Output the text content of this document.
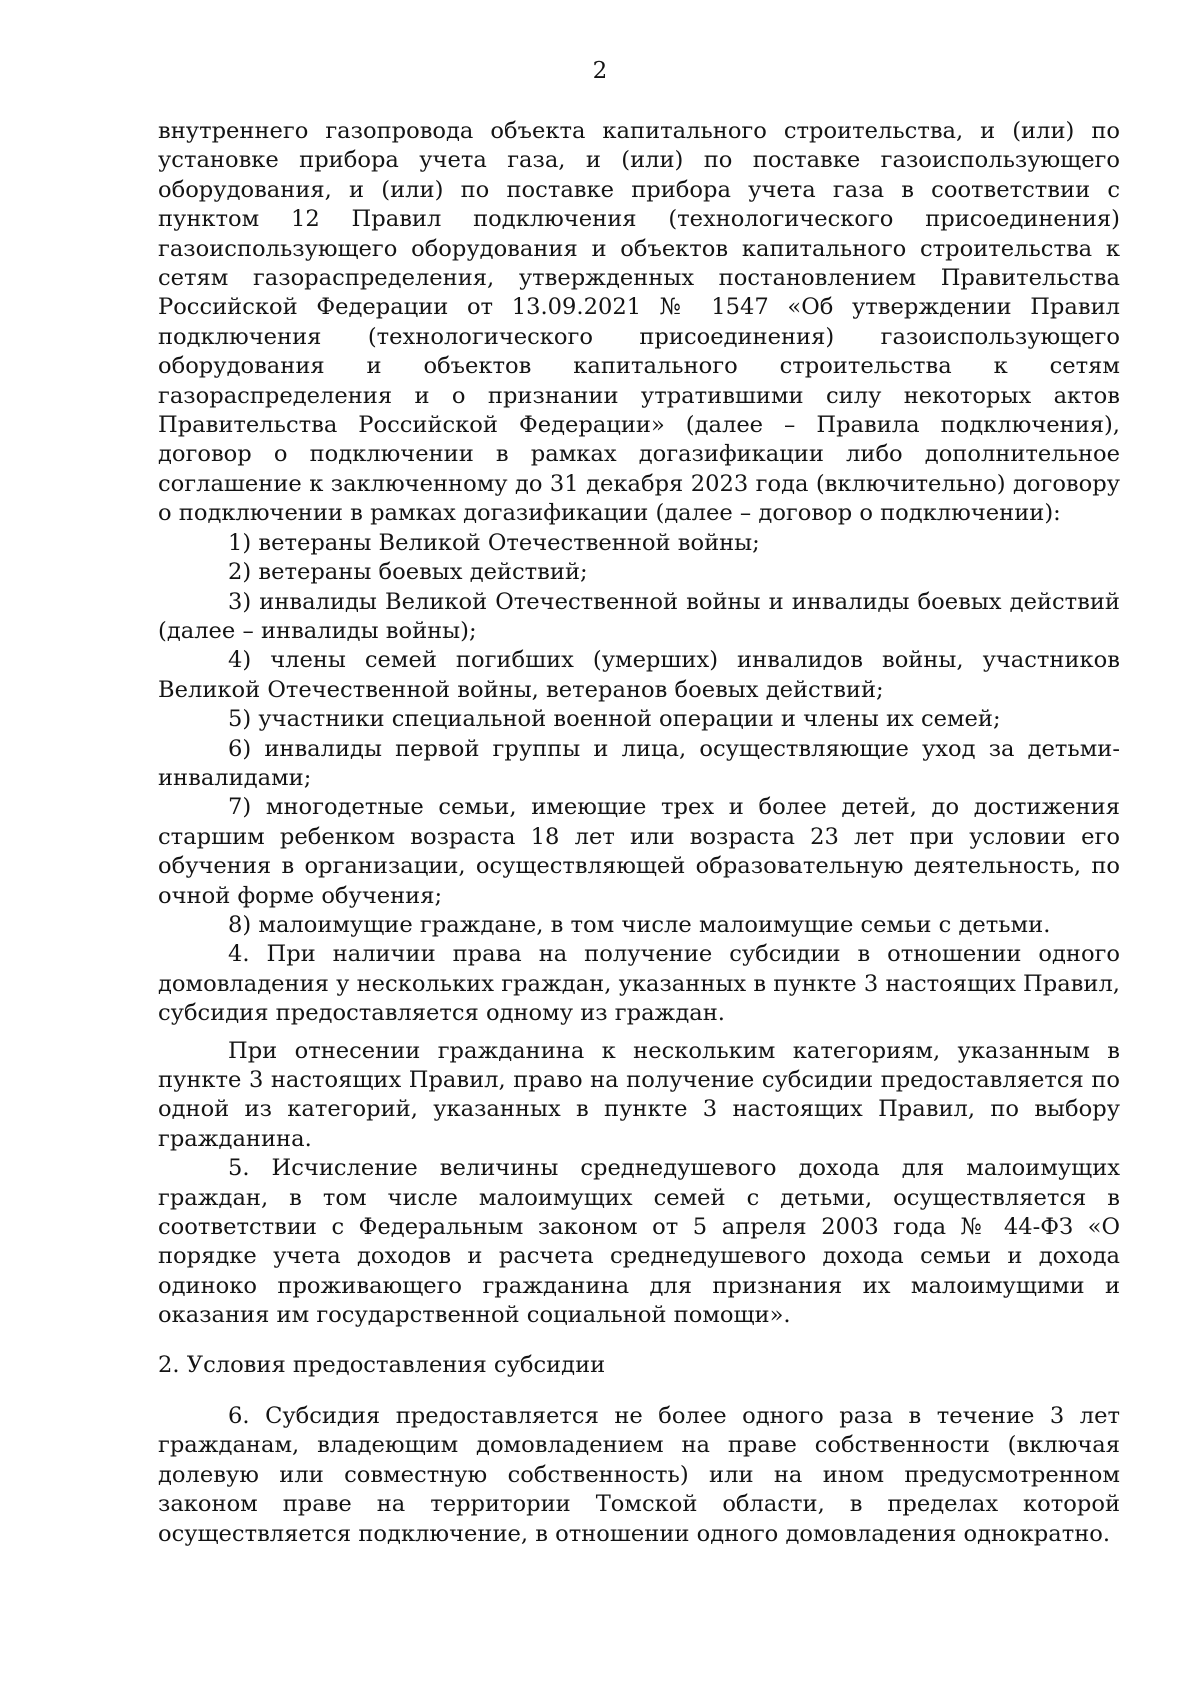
2

внутреннего газопровода объекта капитального строительства, и (или) по установке прибора учета газа, и (или) по поставке газоиспользующего оборудования, и (или) по поставке прибора учета газа в соответствии с пунктом 12 Правил подключения (технологического присоединения) газоиспользующего оборудования и объектов капитального строительства к сетям газораспределения, утвержденных постановлением Правительства Российской Федерации от 13.09.2021 № 1547 «Об утверждении Правил подключения (технологического присоединения) газоиспользующего оборудования и объектов капитального строительства к сетям газораспределения и о признании утратившими силу некоторых актов Правительства Российской Федерации» (далее – Правила подключения), договор о подключении в рамках догазификации либо дополнительное соглашение к заключенному до 31 декабря 2023 года (включительно) договору о подключении в рамках догазификации (далее – договор о подключении):

1) ветераны Великой Отечественной войны;

2) ветераны боевых действий;

3) инвалиды Великой Отечественной войны и инвалиды боевых действий (далее – инвалиды войны);

4) члены семей погибших (умерших) инвалидов войны, участников Великой Отечественной войны, ветеранов боевых действий;

5) участники специальной военной операции и члены их семей;

6) инвалиды первой группы и лица, осуществляющие уход за детьми-инвалидами;

7) многодетные семьи, имеющие трех и более детей, до достижения старшим ребенком возраста 18 лет или возраста 23 лет при условии его обучения в организации, осуществляющей образовательную деятельность, по очной форме обучения;

8) малоимущие граждане, в том числе малоимущие семьи с детьми.

4. При наличии права на получение субсидии в отношении одного домовладения у нескольких граждан, указанных в пункте 3 настоящих Правил, субсидия предоставляется одному из граждан.

При отнесении гражданина к нескольким категориям, указанным в пункте 3 настоящих Правил, право на получение субсидии предоставляется по одной из категорий, указанных в пункте 3 настоящих Правил, по выбору гражданина.

5. Исчисление величины среднедушевого дохода для малоимущих граждан, в том числе малоимущих семей с детьми, осуществляется в соответствии с Федеральным законом от 5 апреля 2003 года № 44-ФЗ «О порядке учета доходов и расчета среднедушевого дохода семьи и дохода одиноко проживающего гражданина для признания их малоимущими и оказания им государственной социальной помощи».

2. Условия предоставления субсидии

6. Субсидия предоставляется не более одного раза в течение 3 лет гражданам, владеющим домовладением на праве собственности (включая долевую или совместную собственность) или на ином предусмотренном законом праве на территории Томской области, в пределах которой осуществляется подключение, в отношении одного домовладения однократно.
